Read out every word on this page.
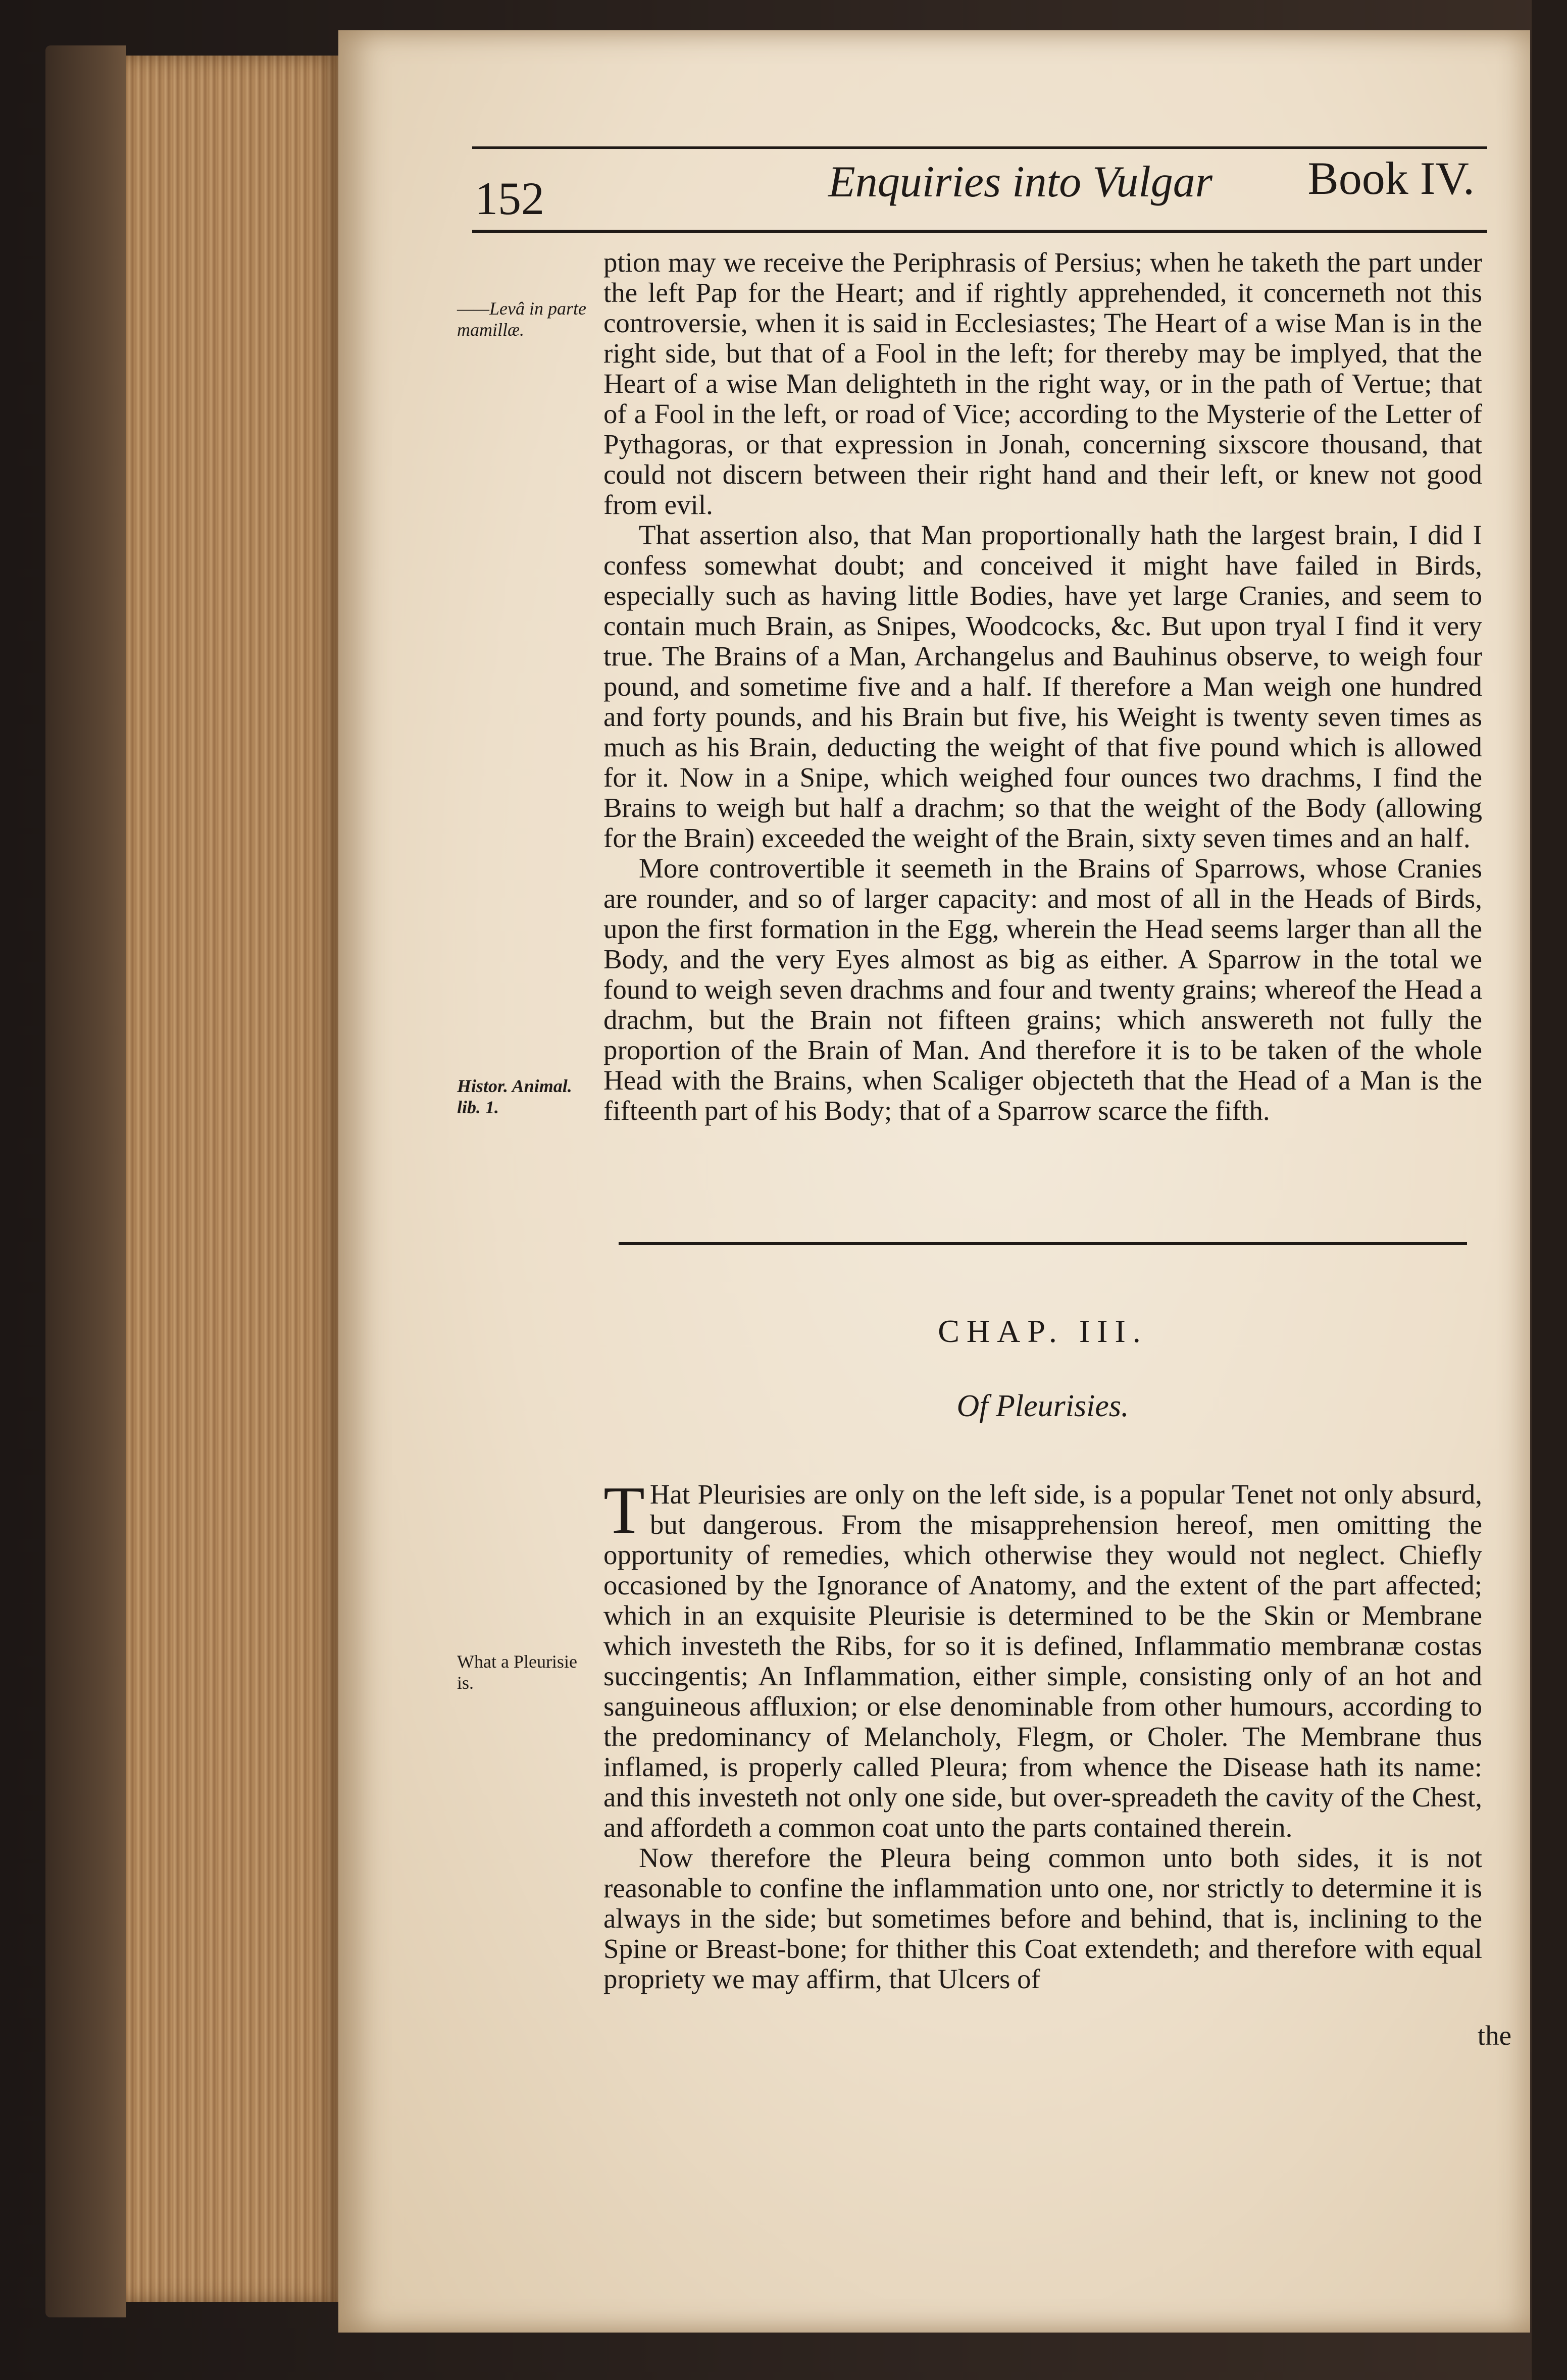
152	Enquiries into Vulgar Book IV.
——Levâ in parte mamillæ.
Histor. Animal. lib. 1.
What a Pleurisie is.

ption may we receive the Periphrasis of Persius; when he taketh the part under the left Pap for the Heart; and if rightly apprehended, it concerneth not this controversie, when it is said in Ecclesiastes; The Heart of a wise Man is in the right side, but that of a Fool in the left; for thereby may be implyed, that the Heart of a wise Man delighteth in the right way, or in the path of Vertue; that of a Fool in the left, or road of Vice; according to the Mysterie of the Letter of Pythagoras, or that expression in Jonah, concerning sixscore thousand, that could not discern between their right hand and their left, or knew not good from evil.

That assertion also, that Man proportionally hath the largest brain, I did I confess somewhat doubt; and conceived it might have failed in Birds, especially such as having little Bodies, have yet large Cranies, and seem to contain much Brain, as Snipes, Woodcocks, &c. But upon tryal I find it very true. The Brains of a Man, Archangelus and Bauhinus observe, to weigh four pound, and sometime five and a half. If therefore a Man weigh one hundred and forty pounds, and his Brain but five, his Weight is twenty seven times as much as his Brain, deducting the weight of that five pound which is allowed for it. Now in a Snipe, which weighed four ounces two drachms, I find the Brains to weigh but half a drachm; so that the weight of the Body (allowing for the Brain) exceeded the weight of the Brain, sixty seven times and an half.

More controvertible it seemeth in the Brains of Sparrows, whose Cranies are rounder, and so of larger capacity: and most of all in the Heads of Birds, upon the first formation in the Egg, wherein the Head seems larger than all the Body, and the very Eyes almost as big as either. A Sparrow in the total we found to weigh seven drachms and four and twenty grains; whereof the Head a drachm, but the Brain not fifteen grains; which answereth not fully the proportion of the Brain of Man. And therefore it is to be taken of the whole Head with the Brains, when Scaliger objecteth that the Head of a Man is the fifteenth part of his Body; that of a Sparrow scarce the fifth.

CHAP. III.
Of Pleurisies.

T Hat Pleurisies are only on the left side, is a popular Tenet not only absurd, but dangerous. From the misapprehension hereof, men omitting the opportunity of remedies, which otherwise they would not neglect. Chiefly occasioned by the Ignorance of Anatomy, and the extent of the part affected; which in an exquisite Pleurisie is determined to be the Skin or Membrane which investeth the Ribs, for so it is defined, Inflammatio membranæ costas succingentis; An Inflammation, either simple, consisting only of an hot and sanguineous affluxion; or else denominable from other humours, according to the predominancy of Melancholy, Flegm, or Choler. The Membrane thus inflamed, is properly called Pleura; from whence the Disease hath its name: and this investeth not only one side, but over-spreadeth the cavity of the Chest, and affordeth a common coat unto the parts contained therein.

Now therefore the Pleura being common unto both sides, it is not reasonable to confine the inflammation unto one, nor strictly to determine it is always in the side; but sometimes before and behind, that is, inclining to the Spine or Breast-bone; for thither this Coat extendeth; and therefore with equal propriety we may affirm, that Ulcers of

the
